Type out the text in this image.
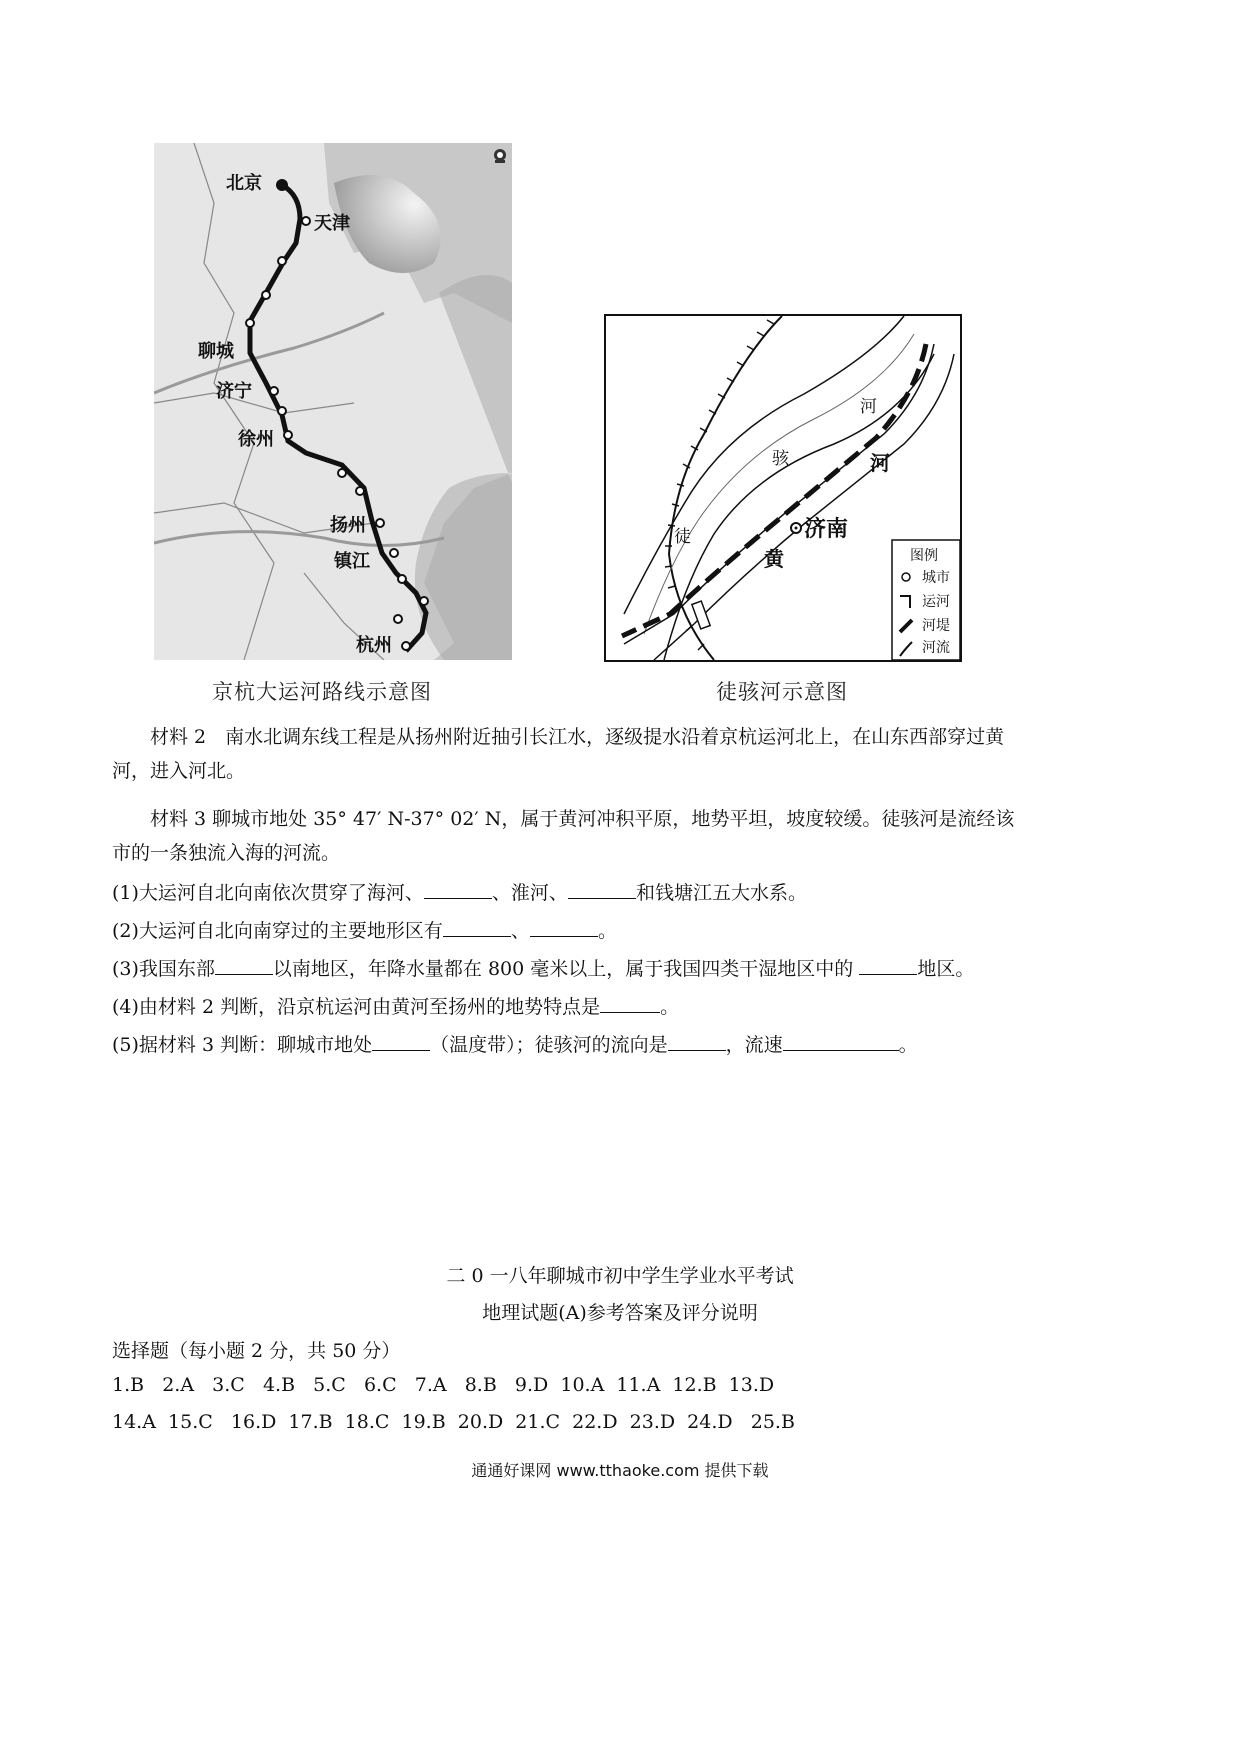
北京
天津
聊城
济宁
徐州
扬州
镇江
杭州
京杭大运河路线示意图
济南
徒
骇
河
黄
河
图例
城市
运河
河堤
河流
徒骇河示意图
材料 2　南水北调东线工程是从扬州附近抽引长江水，逐级提水沿着京杭运河北上，在山东西部穿过黄
河，进入河北。
材料 3 聊城市地处 35° 47′ N-37° 02′ N，属于黄河冲积平原，地势平坦，坡度较缓。徒骇河是流经该
市的一条独流入海的河流。
(1)大运河自北向南依次贯穿了海河、	、淮河、	和钱塘江五大水系。
(2)大运河自北向南穿过的主要地形区有	、	。
(3)我国东部	以南地区，年降水量都在 800 毫米以上，属于我国四类干湿地区中的	地区。
(4)由材料 2 判断，沿京杭运河由黄河至扬州的地势特点是	。
(5)据材料 3 判断：聊城市地处	（温度带）；徒骇河的流向是	，流速	。
二 0 一八年聊城市初中学生学业水平考试
地理试题(A)参考答案及评分说明
选择题（每小题 2 分，共 50 分）
1.B   2.A   3.C   4.B   5.C   6.C   7.A   8.B   9.D  10.A  11.A  12.B  13.D
14.A  15.C   16.D  17.B  18.C  19.B  20.D  21.C  22.D  23.D  24.D   25.B
通通好课网 www.tthaoke.com 提供下载
